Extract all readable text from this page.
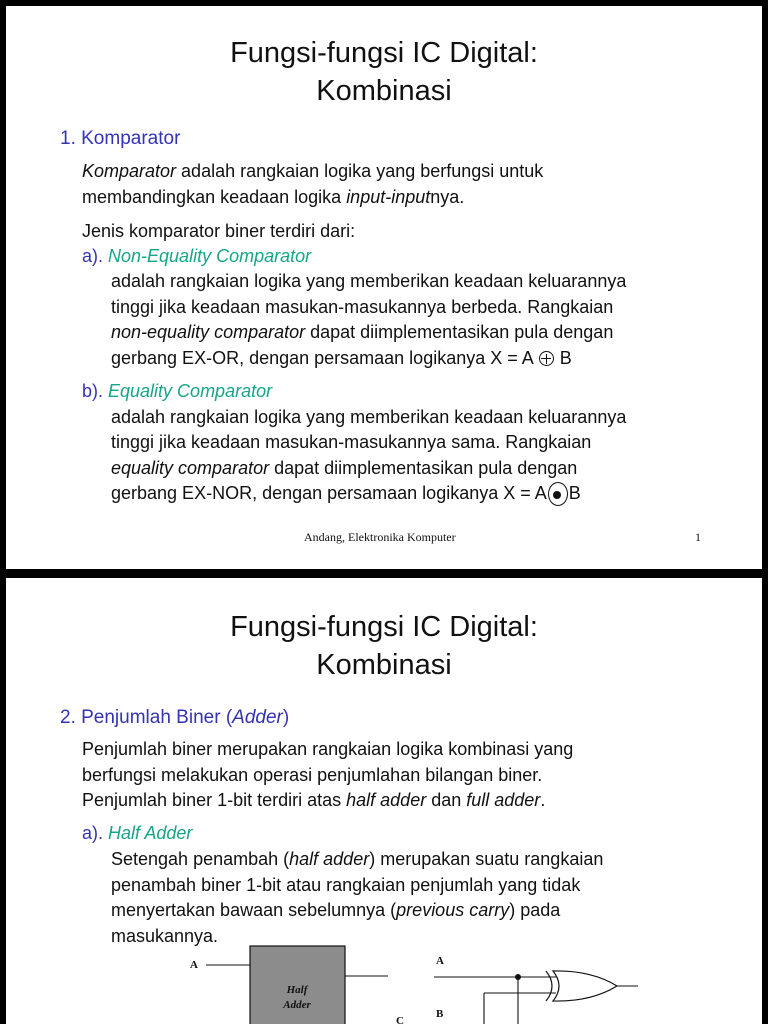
Fungsi-fungsi IC Digital:
Kombinasi
1. Komparator
Komparator adalah rangkaian logika yang berfungsi untuk
membandingkan keadaan logika input-inputnya.
Jenis komparator biner terdiri dari:
a). Non-Equality Comparator
adalah rangkaian logika yang memberikan keadaan keluarannya
tinggi jika keadaan masukan-masukannya berbeda. Rangkaian
non-equality comparator dapat diimplementasikan pula dengan
gerbang EX-OR, dengan persamaan logikanya X = A  B
b). Equality Comparator
adalah rangkaian logika yang memberikan keadaan keluarannya
tinggi jika keadaan masukan-masukannya sama. Rangkaian
equality comparator dapat diimplementasikan pula dengan
gerbang EX-NOR, dengan persamaan logikanya X = A B
Andang, Elektronika Komputer	1
Fungsi-fungsi IC Digital:
Kombinasi
2. Penjumlah Biner (Adder)
Penjumlah biner merupakan rangkaian logika kombinasi yang
berfungsi melakukan operasi penjumlahan bilangan biner.
Penjumlah biner 1-bit terdiri atas half adder dan full adder.
a). Half Adder
Setengah penambah (half adder) merupakan suatu rangkaian
penambah biner 1-bit atau rangkaian penjumlah yang tidak
menyertakan bawaan sebelumnya (previous carry) pada
masukannya.
Half
Adder
A
C
A
B
